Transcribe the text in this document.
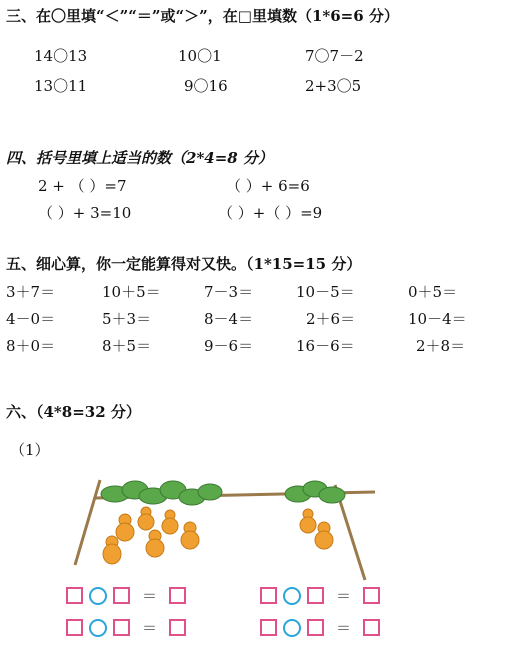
三、在〇里填“＜”“＝”或“＞”，在□里填数（1*6=6 分）
14〇13	10〇1	7〇7－2
13〇11	9〇16	2+3〇5
四、括号里填上适当的数（2*4=8 分）
2 + （ ）=7	（ ）+ 6=6
（ ）+ 3=10	（ ）+（ ）=9
五、细心算，你一定能算得对又快。（1*15=15 分）
3＋7＝	10＋5＝	7－3＝	10－5＝	0＋5＝
4－0＝	5＋3＝	8－4＝	2＋6＝	10－4＝
8＋0＝	8＋5＝	9－6＝	16－6＝	2＋8＝
六、（4*8=32 分）
（1）
＝	＝
＝	＝
